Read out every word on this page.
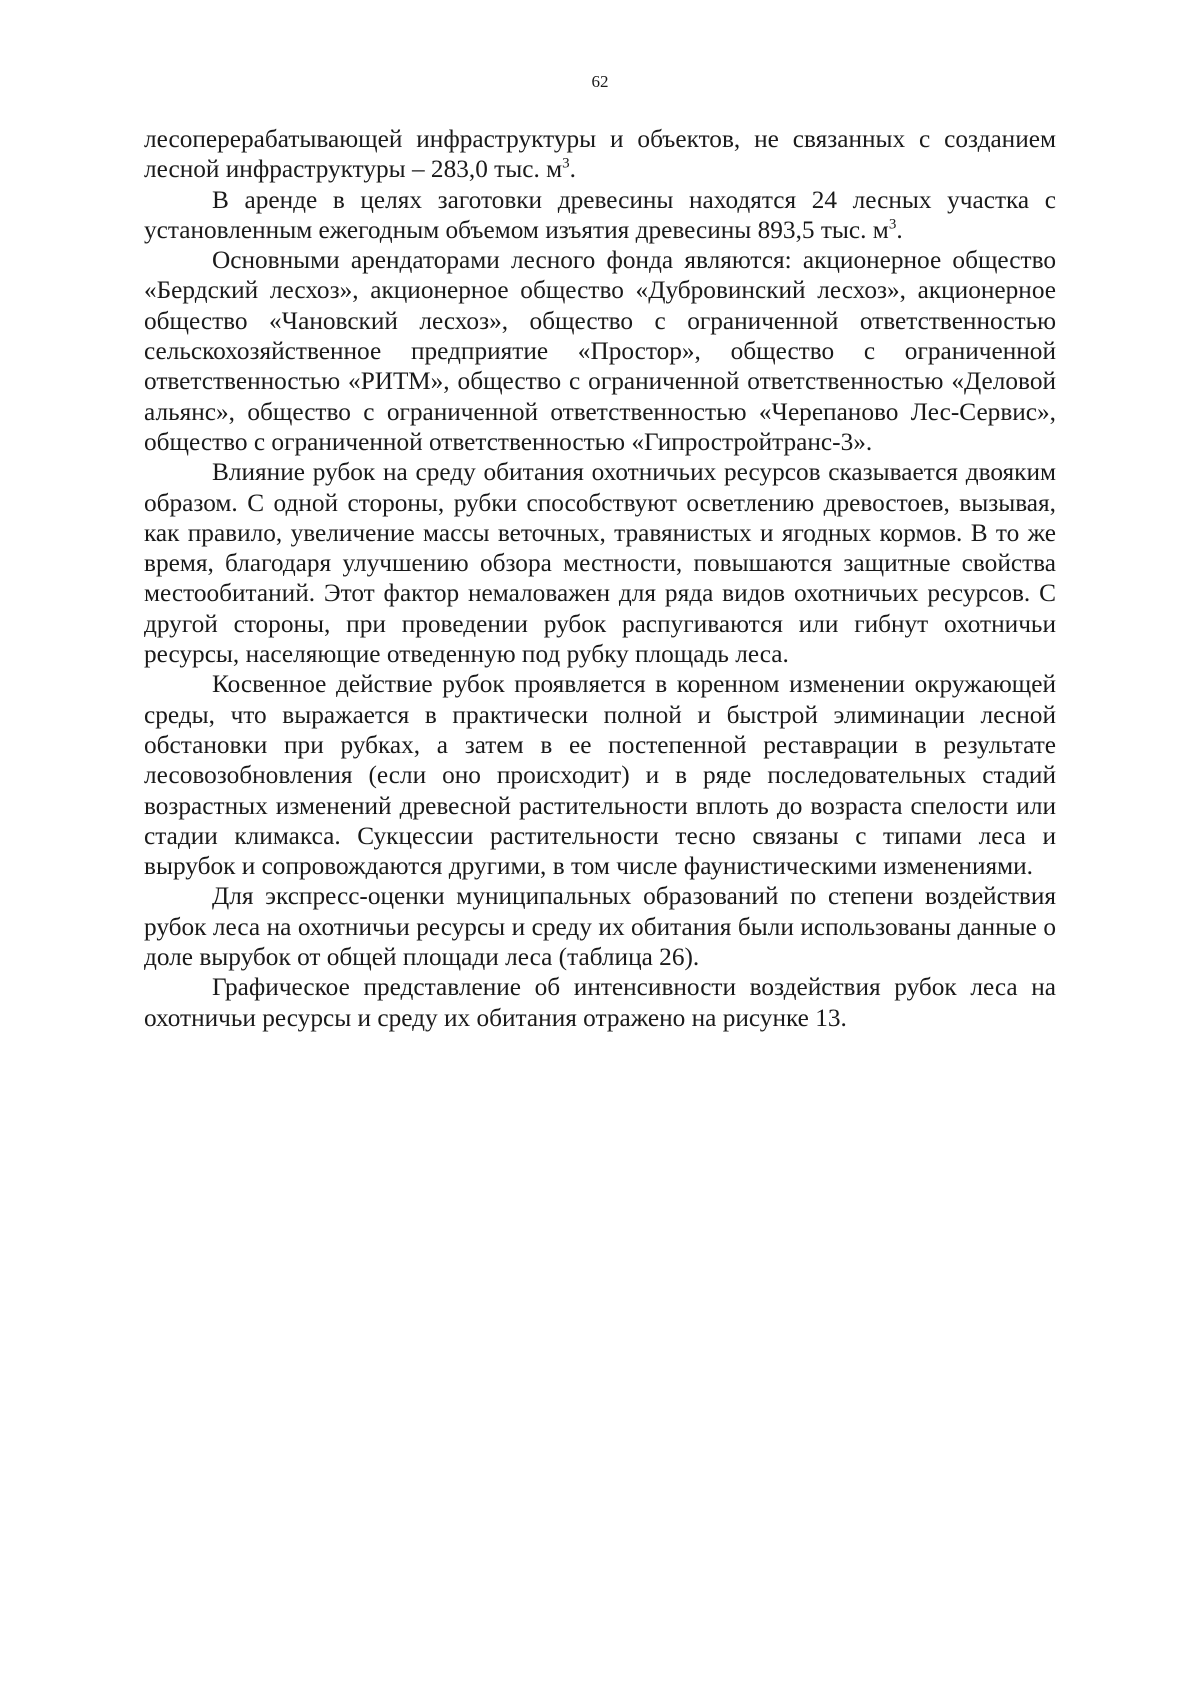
62

лесоперерабатывающей инфраструктуры и объектов, не связанных с созданием лесной инфраструктуры – 283,0 тыс. $м^3$.

В аренде в целях заготовки древесины находятся 24 лесных участка с установленным ежегодным объемом изъятия древесины 893,5 тыс. $м^3$.

Основными арендаторами лесного фонда являются: акционерное общество «Бердский лесхоз», акционерное общество «Дубровинский лесхоз», акционерное общество «Чановский лесхоз», общество с ограниченной ответственностью сельскохозяйственное предприятие «Простор», общество с ограниченной ответственностью «РИТМ», общество с ограниченной ответственностью «Деловой альянс», общество с ограниченной ответственностью «Черепаново Лес-Сервис», общество с ограниченной ответственностью «Гипростройтранс-3».

Влияние рубок на среду обитания охотничьих ресурсов сказывается двояким образом. С одной стороны, рубки способствуют осветлению древостоев, вызывая, как правило, увеличение массы веточных, травянистых и ягодных кормов. В то же время, благодаря улучшению обзора местности, повышаются защитные свойства местообитаний. Этот фактор немаловажен для ряда видов охотничьих ресурсов. С другой стороны, при проведении рубок распугиваются или гибнут охотничьи ресурсы, населяющие отведенную под рубку площадь леса.

Косвенное действие рубок проявляется в коренном изменении окружающей среды, что выражается в практически полной и быстрой элиминации лесной обстановки при рубках, а затем в ее постепенной реставрации в результате лесовозобновления (если оно происходит) и в ряде последовательных стадий возрастных изменений древесной растительности вплоть до возраста спелости или стадии климакса. Сукцессии растительности тесно связаны с типами леса и вырубок и сопровождаются другими, в том числе фаунистическими изменениями.

Для экспресс-оценки муниципальных образований по степени воздействия рубок леса на охотничьи ресурсы и среду их обитания были использованы данные о доле вырубок от общей площади леса (таблица 26).

Графическое представление об интенсивности воздействия рубок леса на охотничьи ресурсы и среду их обитания отражено на рисунке 13.
